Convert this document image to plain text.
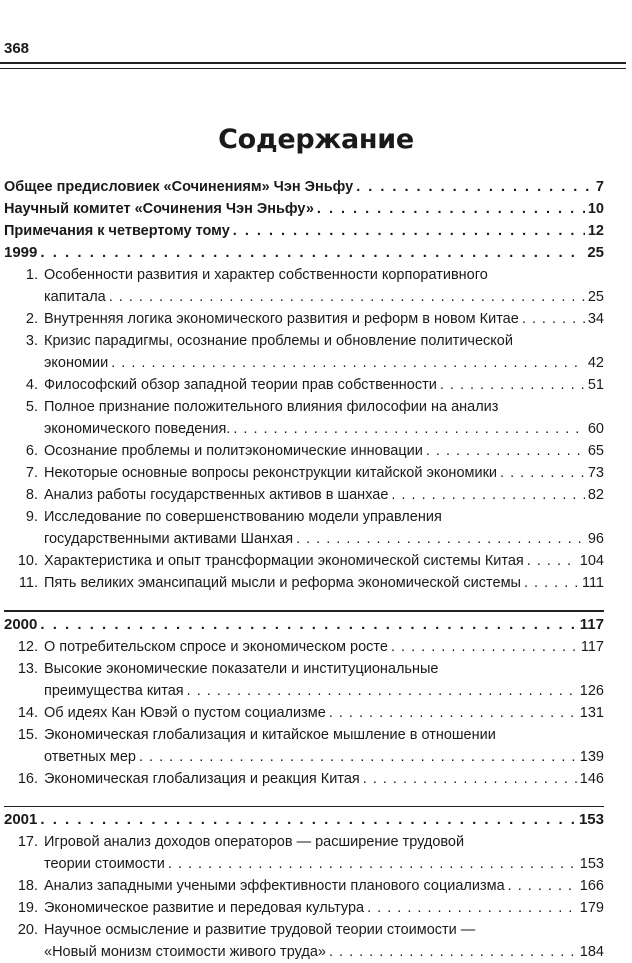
368
Содержание
Общее предисловиек «Сочинениям» Чэн Эньфу . . .	7
Научный комитет «Сочинения Чэн Эньфу» . . .	10
Примечания к четвертому тому . . .	12
1999 . . .	25
1. Особенности развития и характер собственности корпоративного
капитала . . .	25
2. Внутренняя логика экономического развития и реформ в новом Китае . . .	34
3. Кризис парадигмы, осознание проблемы и обновление политической
экономии . . .	42
4. Философский обзор западной теории прав собственности . . .	51
5. Полное признание положительного влияния философии на анализ
экономического поведения. . . .	60
6. Осознание проблемы и политэкономические инновации . . .	65
7. Некоторые основные вопросы реконструкции китайской экономики . . .	73
8. Анализ работы государственных активов в шанхае . . .	82
9. Исследование по совершенствованию модели управления
государственными активами Шанхая . . .	96
10. Характеристика и опыт трансформации экономической системы Китая . . .	104
11. Пять великих эмансипаций мысли и реформа экономической системы . . .	111
2000 . . .	117
12. О потребительском спросе и экономическом росте . . .	117
13. Высокие экономические показатели и институциональные
преимущества китая . . .	126
14. Об идеях Кан Ювэй о пустом социализме . . .	131
15. Экономическая глобализация и китайское мышление в отношении
ответных мер . . .	139
16. Экономическая глобализация и реакция Китая . . .	146
2001 . . .	153
17. Игровой анализ доходов операторов — расширение трудовой
теории стоимости . . .	153
18. Анализ западными учеными эффективности планового социализма . . .	166
19. Экономическое развитие и передовая культура . . .	179
20. Научное осмысление и развитие трудовой теории стоимости —
«Новый монизм стоимости живого труда» . . .	184
